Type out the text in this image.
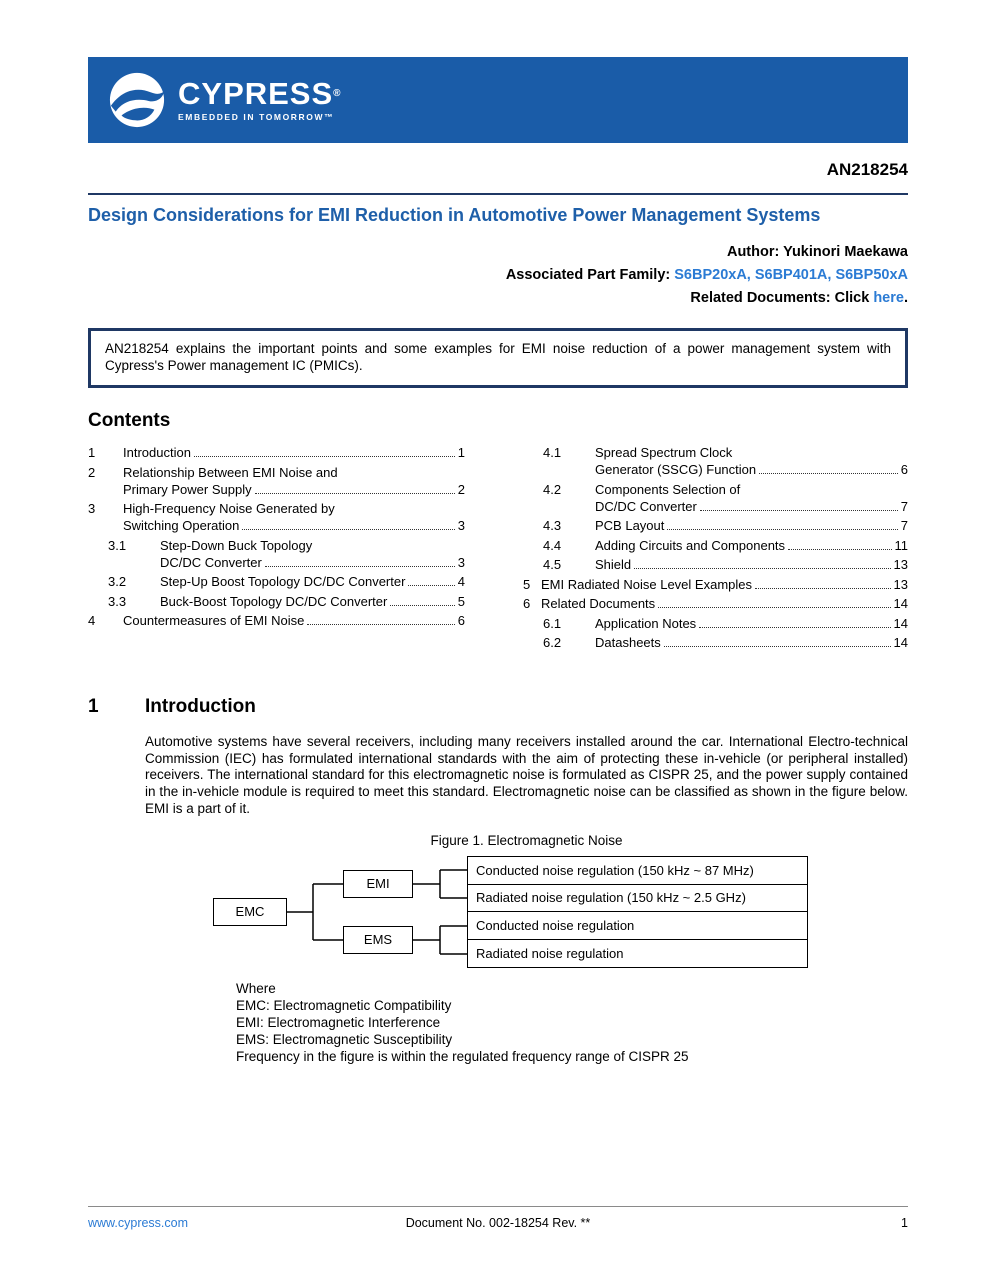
CYPRESS®
EMBEDDED IN TOMORROW™
AN218254
Design Considerations for EMI Reduction in Automotive Power Management Systems
Author: Yukinori Maekawa
Associated Part Family: S6BP20xA, S6BP401A, S6BP50xA
Related Documents: Click here.
AN218254 explains the important points and some examples for EMI noise reduction of a power management system with Cypress's Power management IC (PMICs).
Contents
1	Introduction	1
2	Relationship Between EMI Noise and
Primary Power Supply	2
3	High-Frequency Noise Generated by
Switching Operation	3
3.1	Step-Down Buck Topology
DC/DC Converter	3
3.2	Step-Up Boost Topology DC/DC Converter	4
3.3	Buck-Boost Topology DC/DC Converter	5
4	Countermeasures of EMI Noise	6
4.1	Spread Spectrum Clock
Generator (SSCG) Function	6
4.2	Components Selection of
DC/DC Converter	7
4.3	PCB Layout	7
4.4	Adding Circuits and Components	11
4.5	Shield	13
5 EMI Radiated Noise Level Examples	13
6 Related Documents	14
6.1	Application Notes	14
6.2	Datasheets	14
1	Introduction

Automotive systems have several receivers, including many receivers installed around the car. International Electro-technical Commission (IEC) has formulated international standards with the aim of protecting these in-vehicle (or peripheral installed) receivers. The international standard for this electromagnetic noise is formulated as CISPR 25, and the power supply contained in the in-vehicle module is required to meet this standard. Electromagnetic noise can be classified as shown in the figure below. EMI is a part of it.

Figure 1. Electromagnetic Noise
EMC
EMI
EMS
Conducted noise regulation (150 kHz ~ 87 MHz)
Radiated noise regulation (150 kHz ~ 2.5 GHz)
Conducted noise regulation
Radiated noise regulation
Where
EMC: Electromagnetic Compatibility
EMI: Electromagnetic Interference
EMS: Electromagnetic Susceptibility
Frequency in the figure is within the regulated frequency range of CISPR 25
www.cypress.com	Document No. 002-18254 Rev. **	1
